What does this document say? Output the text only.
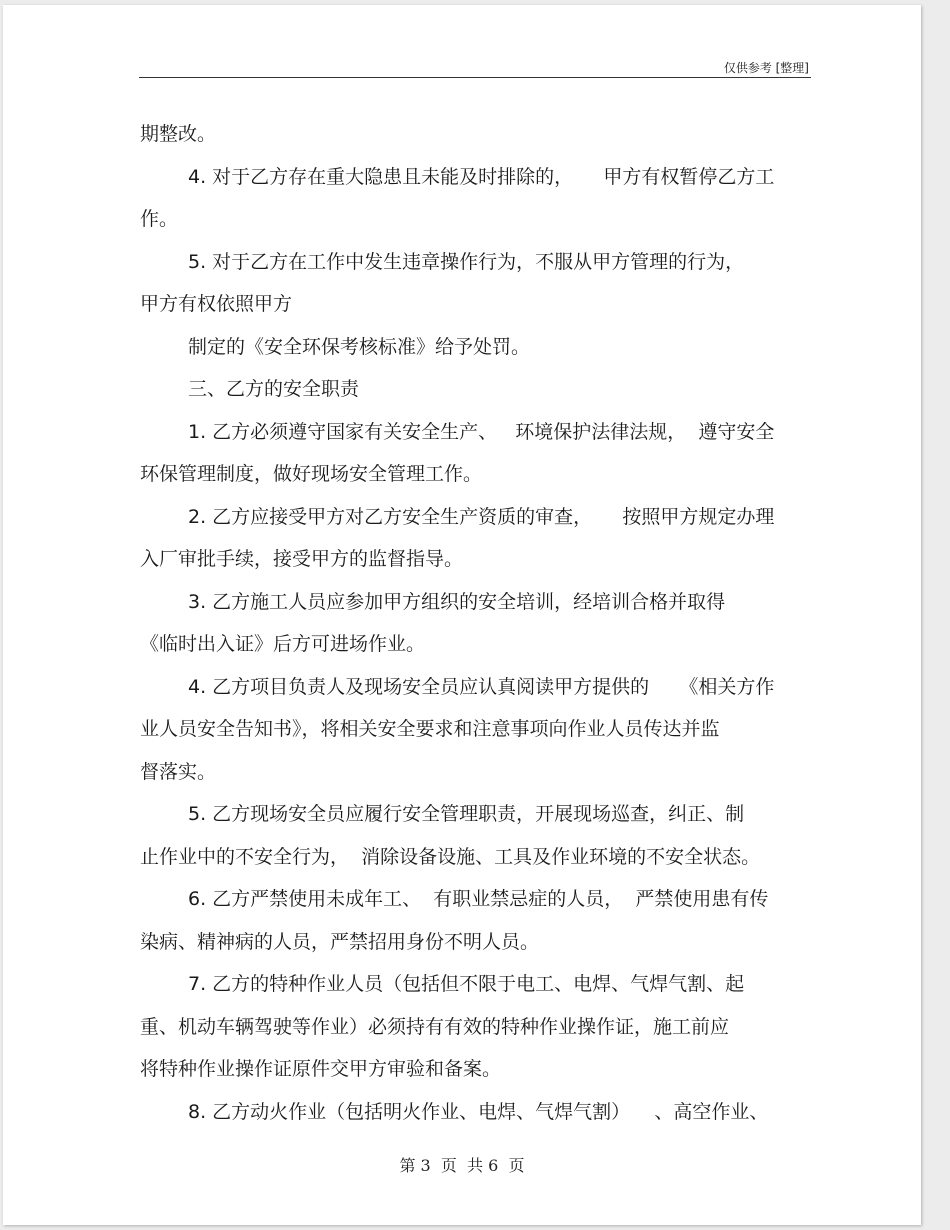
仅供参考 [整理]
期整改。
4. 对于乙方存在重大隐患且未能及时排除的，     甲方有权暂停乙方工
作。
5. 对于乙方在工作中发生违章操作行为，不服从甲方管理的行为，
甲方有权依照甲方
制定的《安全环保考核标准》给予处罚。
三、乙方的安全职责
1. 乙方必须遵守国家有关安全生产、   环境保护法律法规，  遵守安全
环保管理制度，做好现场安全管理工作。
2. 乙方应接受甲方对乙方安全生产资质的审查，     按照甲方规定办理
入厂审批手续，接受甲方的监督指导。
3. 乙方施工人员应参加甲方组织的安全培训，经培训合格并取得
《临时出入证》后方可进场作业。
4. 乙方项目负责人及现场安全员应认真阅读甲方提供的     《相关方作
业人员安全告知书》，将相关安全要求和注意事项向作业人员传达并监
督落实。
5. 乙方现场安全员应履行安全管理职责，开展现场巡查，纠正、制
止作业中的不安全行为，  消除设备设施、工具及作业环境的不安全状态。
6. 乙方严禁使用未成年工、  有职业禁忌症的人员，  严禁使用患有传
染病、精神病的人员，严禁招用身份不明人员。
7. 乙方的特种作业人员（包括但不限于电工、电焊、气焊气割、起
重、机动车辆驾驶等作业）必须持有有效的特种作业操作证，施工前应
将特种作业操作证原件交甲方审验和备案。
8. 乙方动火作业（包括明火作业、电焊、气焊气割）    、高空作业、
第 3  页  共 6  页
